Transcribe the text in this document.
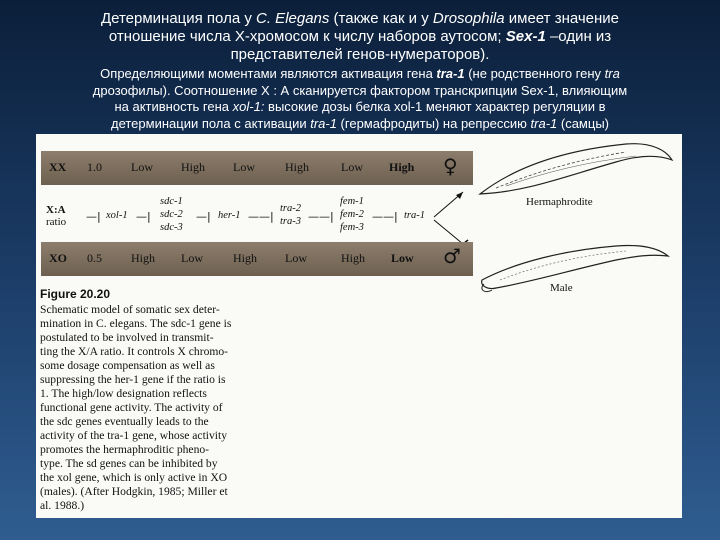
Детерминация пола у C. Elegans (также как и у Drosophila имеет значение
отношение числа Х-хромосом к числу наборов аутосом; Sex-1 –один из
представителей генов-нумераторов).
Определяющими моментами являются активация гена tra-1 (не родственного гену tra
дрозофилы). Соотношение Х : А сканируется фактором транскрипции Sex-1, влияющим
на активность гена xol-1: высокие дозы белка xol-1 меняют характер регуляции в
детерминации пола с активации tra-1 (гермафродиты) на репрессию tra-1 (самцы)
XX 1.0 Low High Low	High	Low High ♀
X:A
ratio —| xol-1 —|
sdc-1
sdc-2
sdc-3
—| her-1 ——|
tra-2
tra-3 ——|
fem-1
fem-2
fem-3
——| tra-1
XO 0.5 High Low	High Low	High Low ♂
Hermaphrodite
Male
Figure 20.20
Schematic model of somatic sex deter-
mination in C. elegans. The sdc-1 gene is
postulated to be involved in transmit-
ting the X/A ratio. It controls X chromo-
some dosage compensation as well as
suppressing the her-1 gene if the ratio is
1. The high/low designation reflects
functional gene activity. The activity of
the sdc genes eventually leads to the
activity of the tra-1 gene, whose activity
promotes the hermaphroditic pheno-
type. The sd genes can be inhibited by
the xol gene, which is only active in XO
(males). (After Hodgkin, 1985; Miller et
al. 1988.)
